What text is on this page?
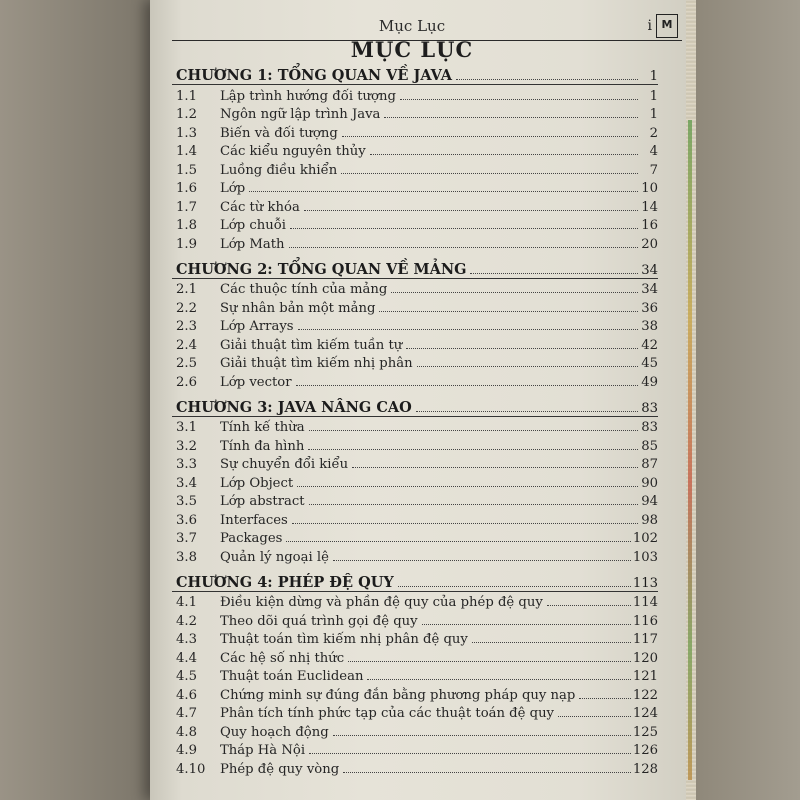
Mục Lục	i M
MỤC LỤC
CHƯƠNG 1: TỔNG QUAN VỀ JAVA	1
1.1	Lập trình hướng đối tượng	1
1.2	Ngôn ngữ lập trình Java	1
1.3	Biến và đối tượng	2
1.4	Các kiểu nguyên thủy	4
1.5	Luồng điều khiển	7
1.6	Lớp	10
1.7	Các từ khóa	14
1.8	Lớp chuỗi	16
1.9	Lớp Math	20
CHƯƠNG 2: TỔNG QUAN VỀ MẢNG	34
2.1	Các thuộc tính của mảng	34
2.2	Sự nhân bản một mảng	36
2.3	Lớp Arrays	38
2.4	Giải thuật tìm kiếm tuần tự	42
2.5	Giải thuật tìm kiếm nhị phân	45
2.6	Lớp vector	49
CHƯƠNG 3: JAVA NÂNG CAO	83
3.1	Tính kế thừa	83
3.2	Tính đa hình	85
3.3	Sự chuyển đổi kiểu	87
3.4	Lớp Object	90
3.5	Lớp abstract	94
3.6	Interfaces	98
3.7	Packages	102
3.8	Quản lý ngoại lệ	103
CHƯƠNG 4: PHÉP ĐỆ QUY	113
4.1	Điều kiện dừng và phần đệ quy của phép đệ quy	114
4.2	Theo dõi quá trình gọi đệ quy	116
4.3	Thuật toán tìm kiếm nhị phân đệ quy	117
4.4	Các hệ số nhị thức	120
4.5	Thuật toán Euclidean	121
4.6	Chứng minh sự đúng đắn bằng phương pháp quy nạp	122
4.7	Phân tích tính phức tạp của các thuật toán đệ quy	124
4.8	Quy hoạch động	125
4.9	Tháp Hà Nội	126
4.10	Phép đệ quy vòng	128
